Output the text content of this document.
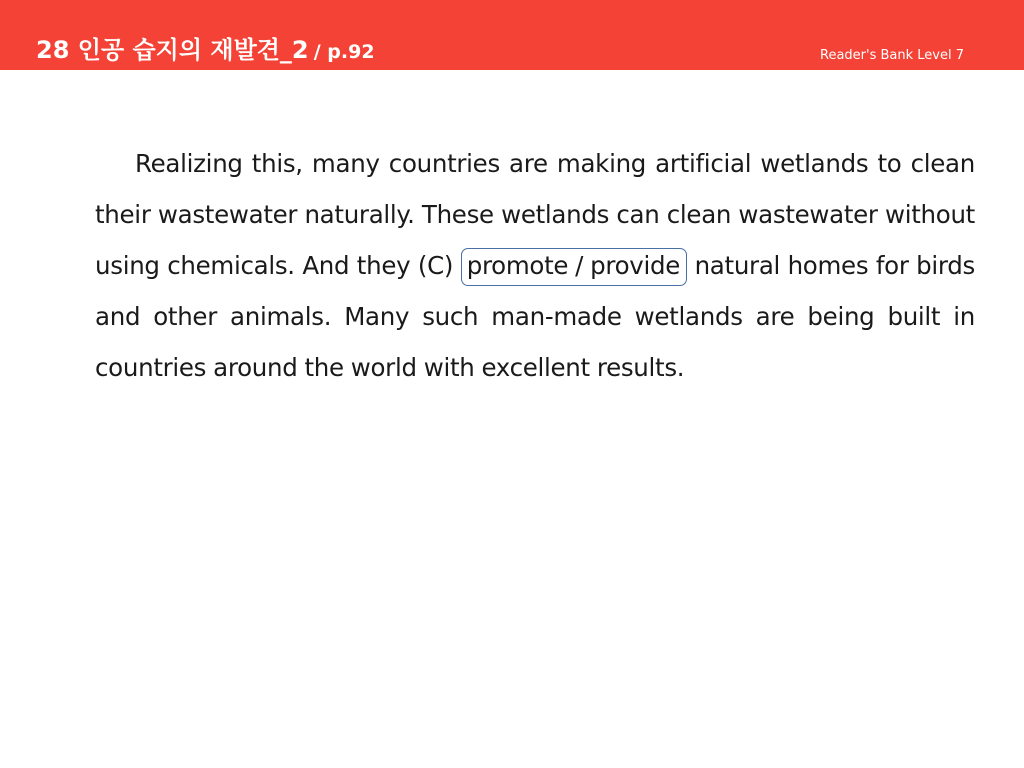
28 인공 습지의 재발견_2 / p.92	Reader's Bank Level 7

Realizing this, many countries are making artificial wetlands to clean their wastewater naturally. These wetlands can clean wastewater without using chemicals. And they (C) promote / provide natural homes for birds and other animals. Many such man-made wetlands are being built in countries around the world with excellent results.
